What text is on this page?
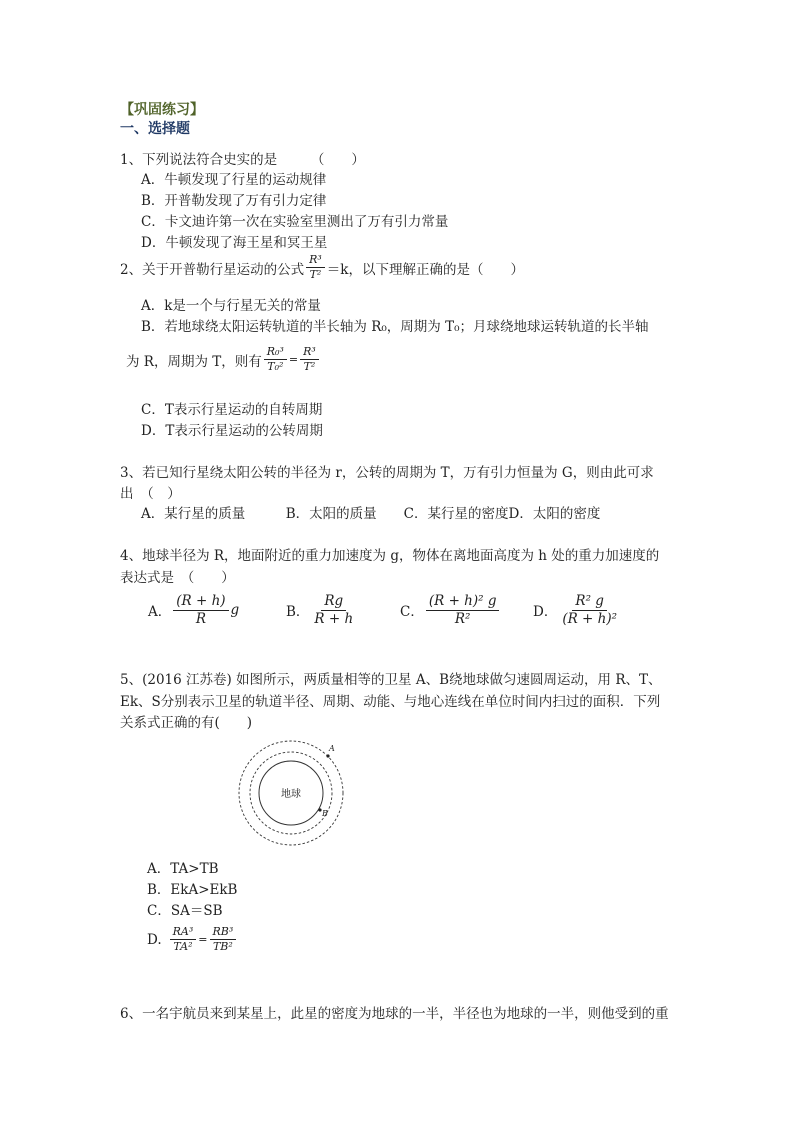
【巩固练习】
一、选择题
1、下列说法符合史实的是　　　（　　）
A．牛顿发现了行星的运动规律
B．开普勒发现了万有引力定律
C．卡文迪许第一次在实验室里测出了万有引力常量
D．牛顿发现了海王星和冥王星
2、关于开普勒行星运动的公式 $\frac{\text{R³}}{\text{T²}} =k$，以下理解正确的是（　　）
A．k是一个与行星无关的常量
B．若地球绕太阳运转轨道的半长轴为 R₀，周期为 T₀；月球绕地球运转轨道的长半轴
为 R，周期为 T，则有 $\frac{\text{R₀³}}{\text{T₀²}} = \frac{\text{R³}}{\text{T²}}$
C．T表示行星运动的自转周期
D．T表示行星运动的公转周期
3、若已知行星绕太阳公转的半径为 r，公转的周期为 T，万有引力恒量为 G，则由此可求
出　（　）
A．某行星的质量　　　B．太阳的质量　　C．某行星的密度D．太阳的密度
4、地球半径为 R，地面附近的重力加速度为 g，物体在离地面高度为 h 处的重力加速度的
表达式是　（　　）
A． $\frac{(R + h)}{R}$ g	B． $\frac{Rg}{R + h}$	C． $\frac{\text{(R + h)² g}}{\text{R²}}$ D． $\frac{\text{R² g}}{\text{(R + h)²}}$
5、(2016 江苏卷) 如图所示，两质量相等的卫星 A、B绕地球做匀速圆周运动，用 R、T、
Ek、S分别表示卫星的轨道半径、周期、动能、与地心连线在单位时间内扫过的面积．下列
关系式正确的有(　　)
地球
A
B
A．TA>TB
B．EkA>EkB
C．SA＝SB
D. $\frac{\text{RA³}}{\text{TA²}} = \frac{\text{RB³}}{\text{TB²}}$
6、一名宇航员来到某星上，此星的密度为地球的一半，半径也为地球的一半，则他受到的重
